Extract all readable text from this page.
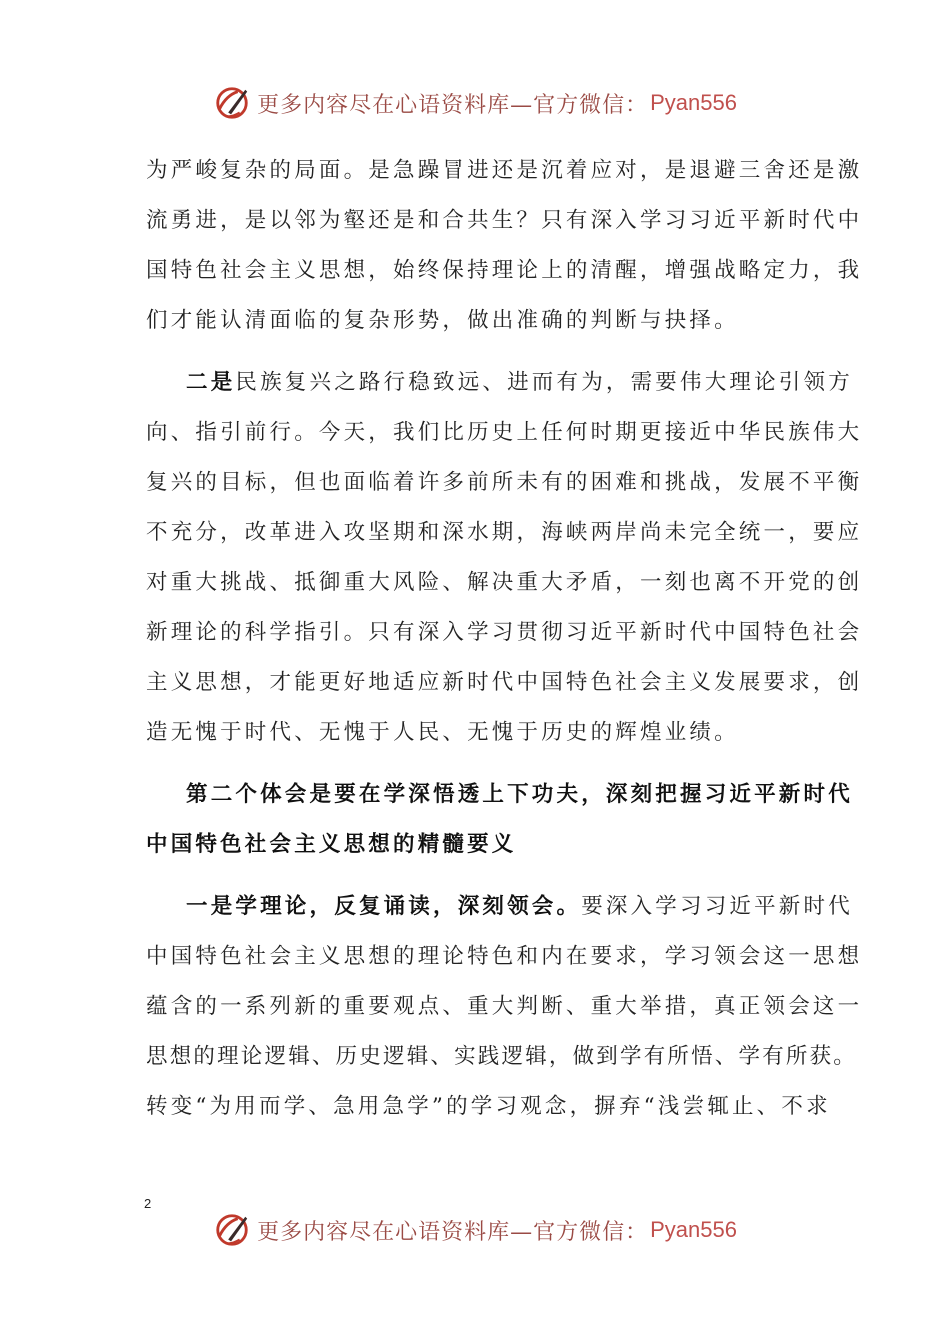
更多内容尽在心语资料库—官方微信： Pyan556
为严峻复杂的局面。是急躁冒进还是沉着应对，是退避三舍还是激
流勇进，是以邻为壑还是和合共生？只有深入学习习近平新时代中
国特色社会主义思想，始终保持理论上的清醒，增强战略定力，我
们才能认清面临的复杂形势，做出准确的判断与抉择。
二是民族复兴之路行稳致远、进而有为，需要伟大理论引领方
向、指引前行。今天，我们比历史上任何时期更接近中华民族伟大
复兴的目标，但也面临着许多前所未有的困难和挑战，发展不平衡
不充分，改革进入攻坚期和深水期，海峡两岸尚未完全统一，要应
对重大挑战、抵御重大风险、解决重大矛盾，一刻也离不开党的创
新理论的科学指引。只有深入学习贯彻习近平新时代中国特色社会
主义思想，才能更好地适应新时代中国特色社会主义发展要求，创
造无愧于时代、无愧于人民、无愧于历史的辉煌业绩。
第二个体会是要在学深悟透上下功夫，深刻把握习近平新时代
中国特色社会主义思想的精髓要义
一是学理论，反复诵读，深刻领会。要深入学习习近平新时代
中国特色社会主义思想的理论特色和内在要求，学习领会这一思想
蕴含的一系列新的重要观点、重大判断、重大举措，真正领会这一
思想的理论逻辑、历史逻辑、实践逻辑，做到学有所悟、学有所获。
转变“为用而学、急用急学”的学习观念，摒弃“浅尝辄止、不求
2
更多内容尽在心语资料库—官方微信： Pyan556
